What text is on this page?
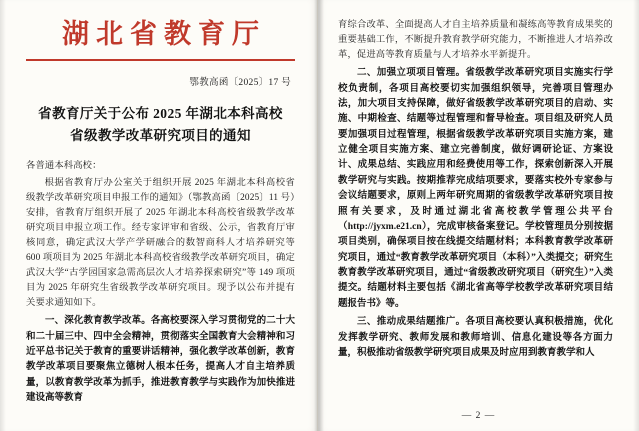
湖北省教育厅
鄂教高函〔2025〕17 号
省教育厅关于公布 2025 年湖北本科高校
省级教学改革研究项目的通知

各普通本科高校：

根据省教育厅办公室关于组织开展 2025 年湖北本科高校省级教学改革研究项目申报工作的通知》（鄂教高函〔2025〕11 号）安排，省教育厅组织开展了 2025 年湖北本科高校省级教学改革研究项目申报立项工作。经专家评审和省级、公示，省教育厅审核同意，确定武汉大学产学研融合的数智商科人才培养研究等 600 项项目为 2025 年湖北本科高校省级教学改革研究项目，确定武汉大学“古学园国家急需高层次人才培养探索研究”等 149 项项目为 2025 年研究生省级教学改革研究项目。现予以公布并提有关要求通知如下。

一、深化教育教学改革。各高校要深入学习贯彻党的二十大和二十届三中、四中全会精神，贯彻落实全国教育大会精神和习近平总书记关于教育的重要讲话精神，强化教学改革创新，教育教学改革项目要聚焦立德树人根本任务，提高人才自主培养质量，以教育教学改革为抓手，推进教育教学与实践作为加快推进建设高等教育

育综合改革、全面提高人才自主培养质量和凝练高等教育成果奖的重要基础工作，不断提升教育教学研究能力，不断推进人才培养改革，促进高等教育质量与人才培养水平新提升。

二、加强立项项目管理。省级教学改革研究项目实施实行学校负责制，各项目高校要切实加强组织领导，完善项目管理办法，加大项目支持保障，做好省级教学改革研究项目的启动、实施、中期检查、结题等过程管理和督导检查。项目组及研究人员要加强项目过程管理，根据省级教学改革研究项目实施方案，建立健全项目实施方案、建立完善制度，做好调研论证、方案设计、成果总结、实践应用和经费使用等工作，探索创新深入开展教学研究与实践。按期推荐完成结项要求，要落实校外专家参与会议结题要求，原则上两年研究周期的省级教学改革研究项目按照有关要求，及时通过湖北省高校教学管理公共平台（http://jyxm.e21.cn），完成审核备案登记。学校管理员分别按据项目类别，确保项目按在线提交结题材料；本科教育教学改革研究项目，通过“教育教学改革研究项目（本科）”入类提交；研究生教育教学改革研究项目，通过“省级教改研究项目（研究生）”入类提交。结题材料主要包括《湖北省高等学校教学改革研究项目结题报告书》等。

三、推动成果结题推广。各项目高校要认真积极措施，优化发挥教学研究、教师发展和教师培训、信息化建设等各方面力量，积极推动省级教学研究项目成果及时应用到教育教学和人

— 2 —
